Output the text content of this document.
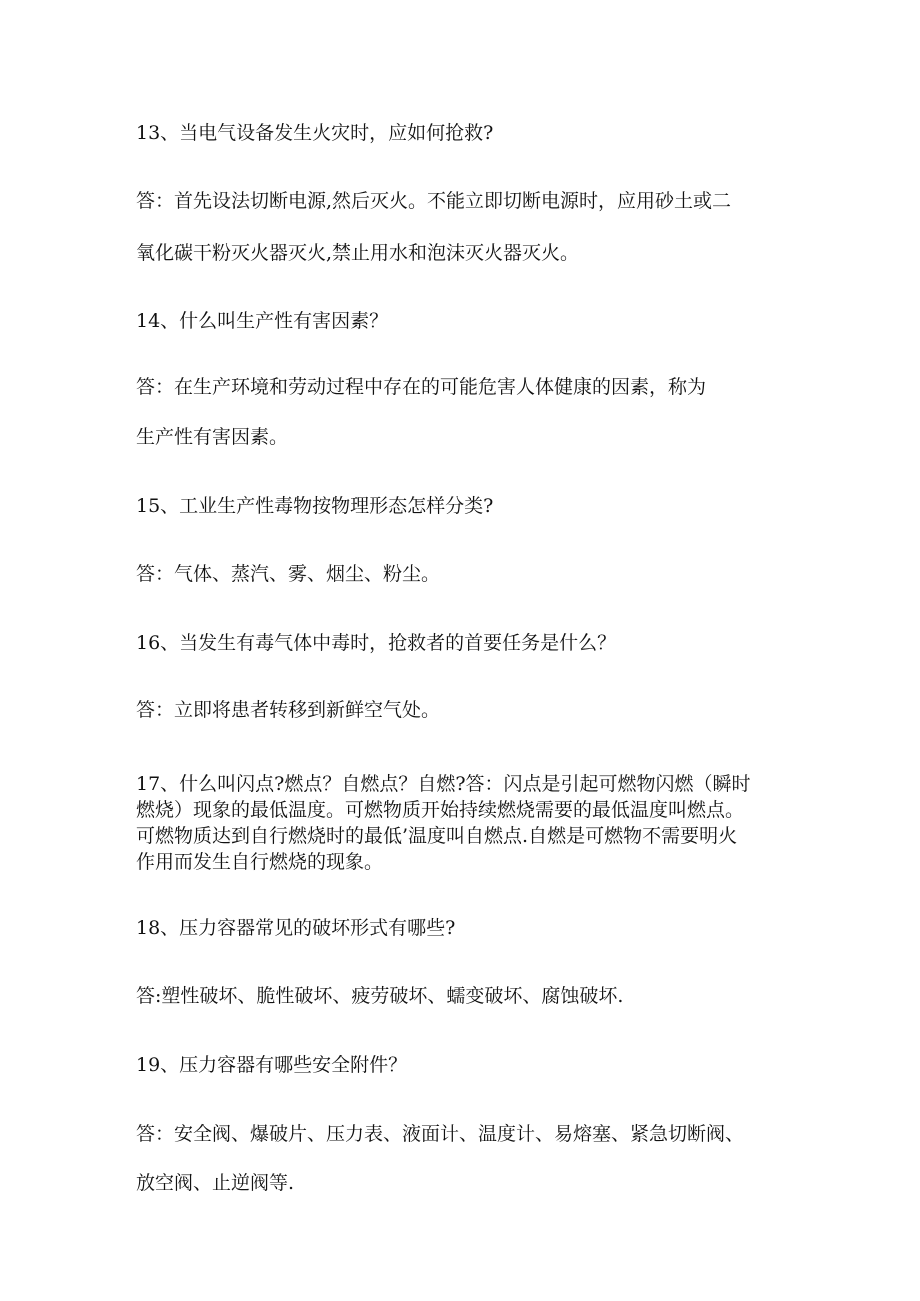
13、当电气设备发生火灾时，应如何抢救?

答：首先设法切断电源,然后灭火。不能立即切断电源时，应用砂土或二

氧化碳干粉灭火器灭火,禁止用水和泡沫灭火器灭火。

14、什么叫生产性有害因素？

答：在生产环境和劳动过程中存在的可能危害人体健康的因素，称为

生产性有害因素。

15、工业生产性毒物按物理形态怎样分类?

答：气体、蒸汽、雾、烟尘、粉尘。

16、当发生有毒气体中毒时，抢救者的首要任务是什么？

答：立即将患者转移到新鲜空气处。

17、什么叫闪点?燃点？自燃点？自燃?答：闪点是引起可燃物闪燃（瞬时
燃烧）现象的最低温度。可燃物质开始持续燃烧需要的最低温度叫燃点。
可燃物质达到自行燃烧时的最低’温度叫自燃点.自燃是可燃物不需要明火
作用而发生自行燃烧的现象。

18、压力容器常见的破坏形式有哪些?

答:塑性破坏、脆性破坏、疲劳破坏、蠕变破坏、腐蚀破坏.

19、压力容器有哪些安全附件？

答：安全阀、爆破片、压力表、液面计、温度计、易熔塞、紧急切断阀、

放空阀、止逆阀等.
